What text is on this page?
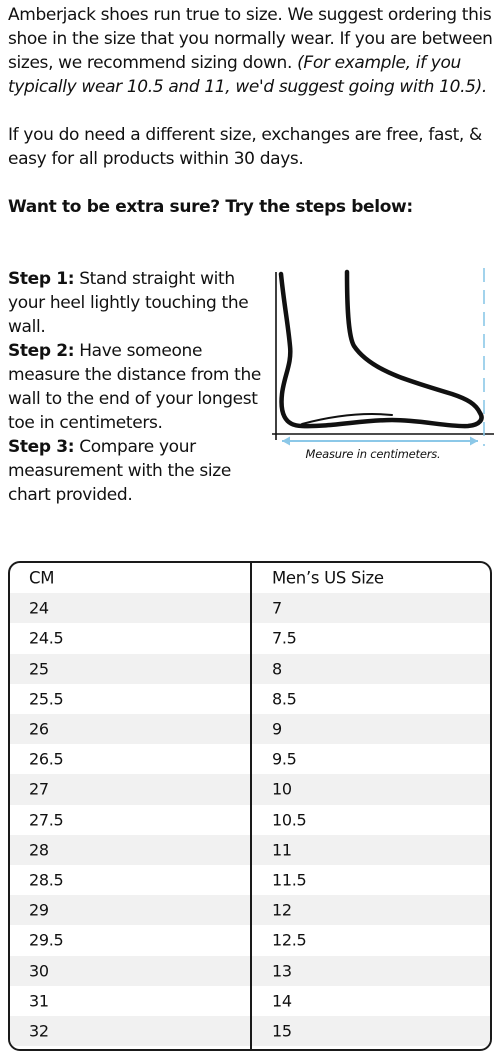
Amberjack shoes run true to size. We suggest ordering this shoe in the size that you normally wear. If you are between sizes, we recommend sizing down. (For example, if you typically wear 10.5 and 11, we'd suggest going with 10.5).

If you do need a different size, exchanges are free, fast, & easy for all products within 30 days.

Want to be extra sure? Try the steps below:

Step 1: Stand straight with your heel lightly touching the wall.

Step 2: Have someone measure the distance from the wall to the end of your longest toe in centimeters.

Step 3: Compare your measurement with the size chart provided.

Measure in centimeters.
CM	Men’s US Size
24	7
24.5	7.5
25	8
25.5	8.5
26	9
26.5	9.5
27	10
27.5	10.5
28	11
28.5	11.5
29	12
29.5	12.5
30	13
31	14
32	15
